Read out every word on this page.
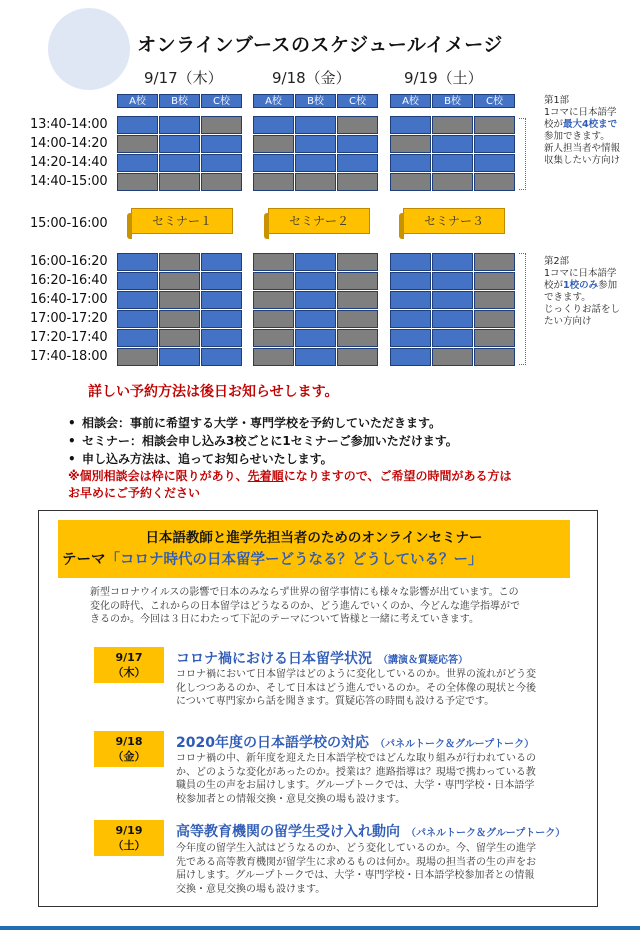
オンラインブースのスケジュールイメージ
9/17（木）	9/18（金）	9/19（土）
A校	B校	C校	A校	B校	C校	A校	B校	C校
13:40-14:00
14:00-14:20
14:20-14:40
14:40-15:00
16:00-16:20
16:20-16:40
16:40-17:00
17:00-17:20
17:20-17:40
17:40-18:00
第1部
1コマに日本語学校が最大4校まで参加できます。
新人担当者や情報収集したい方向け
15:00-16:00	セミナー１	セミナー２	セミナー３
第2部
1コマに日本語学校が1校のみ参加できます。
じっくりお話をしたい方向け
詳しい予約方法は後日お知らせします。
• 相談会：事前に希望する大学・専門学校を予約していただきます。
• セミナー：相談会申し込み3校ごとに1セミナーご参加いただけます。
• 申し込み方法は、追ってお知らせいたします。
※個別相談会は枠に限りがあり、先着順になりますので、ご希望の時間がある方は
お早めにご予約ください
日本語教師と進学先担当者のためのオンラインセミナー
テーマ「コロナ時代の日本留学ーどうなる？どうしている？ー」
新型コロナウイルスの影響で日本のみならず世界の留学事情にも様々な影響が出ています。この
変化の時代、これからの日本留学はどうなるのか、どう進んでいくのか、今どんな進学指導がで
きるのか。今回は３日にわたって下記のテーマについて皆様と一緒に考えていきます。
9/17
（木）
コロナ禍における日本留学状況 （講演＆質疑応答）
コロナ禍において日本留学はどのように変化しているのか。世界の流れがどう変
化しつつあるのか、そして日本はどう進んでいるのか。その全体像の現状と今後
について専門家から話を聞きます。質疑応答の時間も設ける予定です。
9/18
（金）
2020年度の日本語学校の対応 （パネルトーク＆グループトーク）
コロナ禍の中、新年度を迎えた日本語学校ではどんな取り組みが行われているの
か、どのような変化があったのか。授業は？進路指導は？現場で携わっている教
職員の生の声をお届けします。グループトークでは、大学・専門学校・日本語学
校参加者との情報交換・意見交換の場も設けます。
9/19
（土）
高等教育機関の留学生受け入れ動向 （パネルトーク＆グループトーク）
今年度の留学生入試はどうなるのか、どう変化しているのか。今、留学生の進学
先である高等教育機関が留学生に求めるものは何か。現場の担当者の生の声をお
届けします。グループトークでは、大学・専門学校・日本語学校参加者との情報
交換・意見交換の場も設けます。
